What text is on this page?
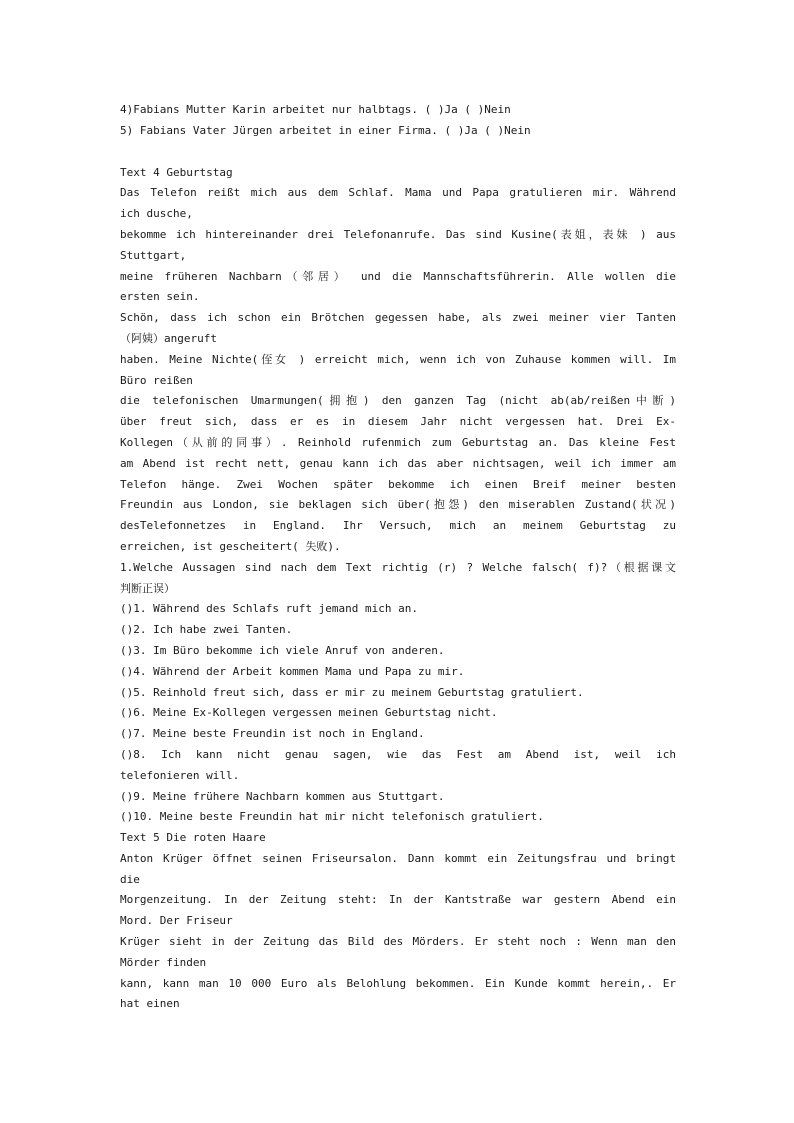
4)Fabians Mutter Karin arbeitet nur halbtags. ( )Ja ( )Nein
5) Fabians Vater Jürgen arbeitet in einer Firma. ( )Ja ( )Nein
Text 4 Geburtstag
Das Telefon reißt mich aus dem Schlaf. Mama und Papa gratulieren mir. Während
ich dusche,
bekomme ich hintereinander drei Telefonanrufe. Das sind Kusine(表姐，表妹 ) aus
Stuttgart,
meine früheren Nachbarn（邻居） und die Mannschaftsführerin. Alle wollen die
ersten sein.
Schön, dass ich schon ein Brötchen gegessen habe, als zwei meiner vier Tanten
（阿姨）angeruft
haben. Meine Nichte(侄女 ) erreicht mich, wenn ich von Zuhause kommen will. Im
Büro reißen
die telefonischen Umarmungen(拥抱) den ganzen Tag (nicht ab(ab/reißen中断)
über freut sich, dass er es in diesem Jahr nicht vergessen hat. Drei Ex-
Kollegen（从前的同事）. Reinhold rufenmich zum Geburtstag an. Das kleine Fest
am Abend ist recht nett, genau kann ich das aber nichtsagen, weil ich immer am
Telefon hänge. Zwei Wochen später bekomme ich einen Breif meiner besten
Freundin aus London, sie beklagen sich über(抱怨) den miserablen Zustand(状况)
desTelefonnetzes in England. Ihr Versuch, mich an meinem Geburtstag zu
erreichen, ist gescheitert( 失败).
1.Welche Aussagen sind nach dem Text richtig (r) ? Welche falsch( f)?（根据课文
判断正误）
()1. Während des Schlafs ruft jemand mich an.
()2. Ich habe zwei Tanten.
()3. Im Büro bekomme ich viele Anruf von anderen.
()4. Während der Arbeit kommen Mama und Papa zu mir.
()5. Reinhold freut sich, dass er mir zu meinem Geburtstag gratuliert.
()6. Meine Ex-Kollegen vergessen meinen Geburtstag nicht.
()7. Meine beste Freundin ist noch in England.
()8. Ich kann nicht genau sagen, wie das Fest am Abend ist, weil ich
telefonieren will.
()9. Meine frühere Nachbarn kommen aus Stuttgart.
()10. Meine beste Freundin hat mir nicht telefonisch gratuliert.
Text 5 Die roten Haare
Anton Krüger öffnet seinen Friseursalon. Dann kommt ein Zeitungsfrau und bringt
die
Morgenzeitung. In der Zeitung steht: In der Kantstraße war gestern Abend ein
Mord. Der Friseur
Krüger sieht in der Zeitung das Bild des Mörders. Er steht noch : Wenn man den
Mörder finden
kann, kann man 10 000 Euro als Belohlung bekommen. Ein Kunde kommt herein,. Er
hat einen
